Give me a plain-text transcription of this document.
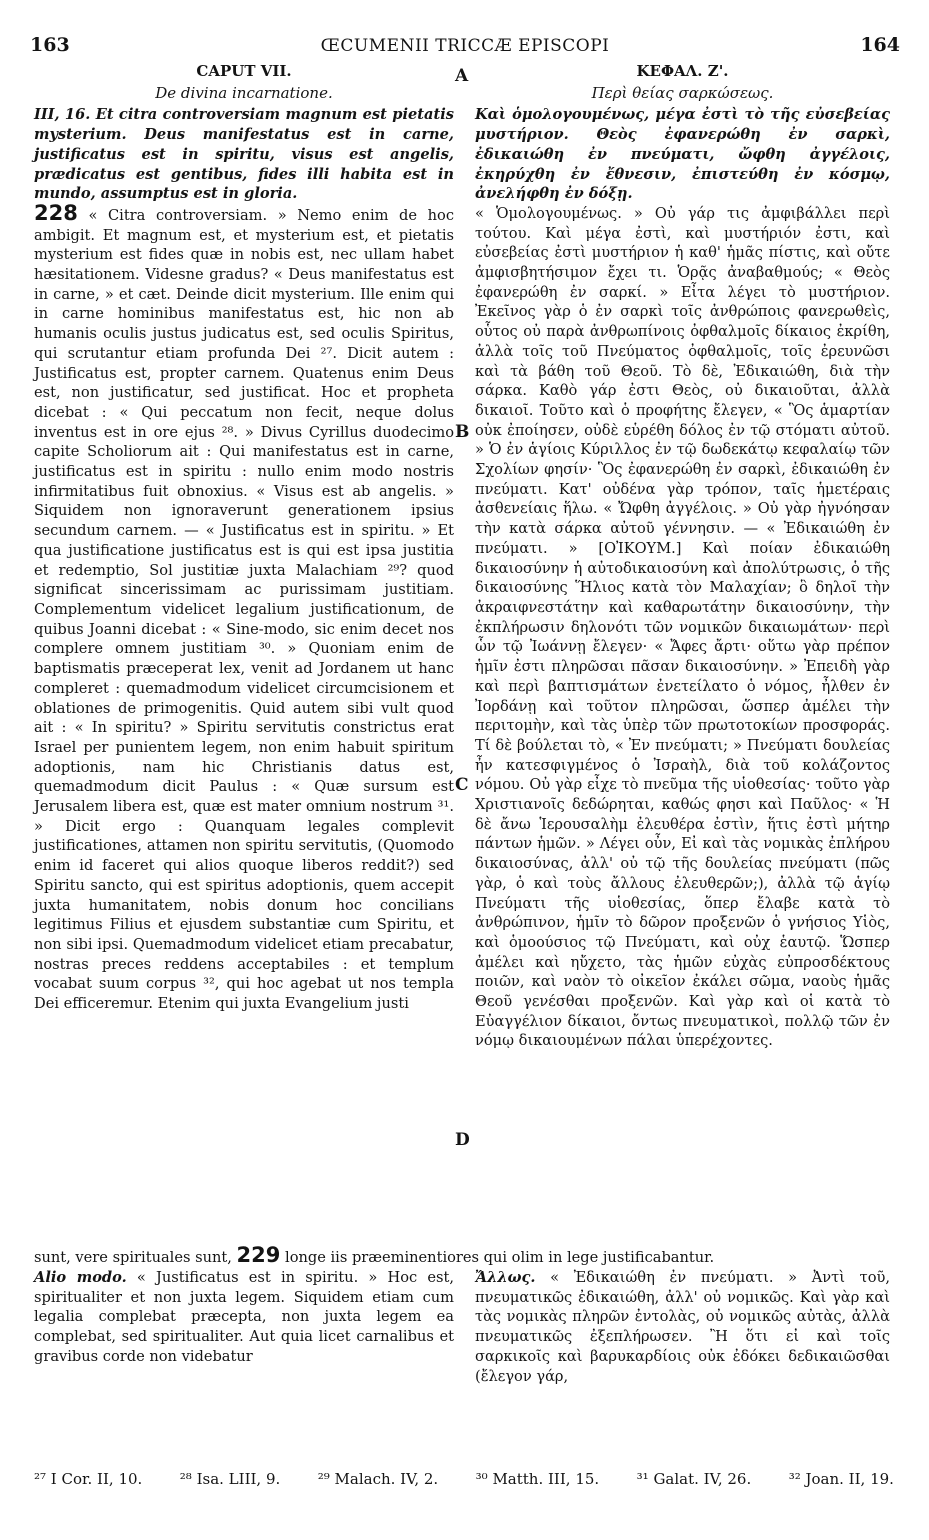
163	ŒCUMENII TRICCÆ EPISCOPI	164
A
B
C
D
CAPUT VII.
De divina incarnatione.

III, 16. Et citra controversiam magnum est pietatis mysterium. Deus manifestatus est in carne, justificatus est in spiritu, visus est angelis, prædicatus est gentibus, fides illi habita est in mundo, assumptus est in gloria.

228 « Citra controversiam. » Nemo enim de hoc ambigit. Et magnum est, et mysterium est, et pietatis mysterium est fides quæ in nobis est, nec ullam habet hæsitationem. Videsne gradus? « Deus manifestatus est in carne, » et cæt. Deinde dicit mysterium. Ille enim qui in carne hominibus manifestatus est, hic non ab humanis oculis justus judicatus est, sed oculis Spiritus, qui scrutantur etiam profunda Dei ²⁷. Dicit autem : Justificatus est, propter carnem. Quatenus enim Deus est, non justificatur, sed justificat. Hoc et propheta dicebat : « Qui peccatum non fecit, neque dolus inventus est in ore ejus ²⁸. » Divus Cyrillus duodecimo capite Scholiorum ait : Qui manifestatus est in carne, justificatus est in spiritu : nullo enim modo nostris infirmitatibus fuit obnoxius. « Visus est ab angelis. » Siquidem non ignoraverunt generationem ipsius secundum carnem. — « Justificatus est in spiritu. » Et qua justificatione justificatus est is qui est ipsa justitia et redemptio, Sol justitiæ juxta Malachiam ²⁹? quod significat sincerissimam ac purissimam justitiam. Complementum videlicet legalium justificationum, de quibus Joanni dicebat : « Sine-modo, sic enim decet nos complere omnem justitiam ³⁰. » Quoniam enim de baptismatis præceperat lex, venit ad Jordanem ut hanc compleret : quemadmodum videlicet circumcisionem et oblationes de primogenitis. Quid autem sibi vult quod ait : « In spiritu? » Spiritu servitutis constrictus erat Israel per punientem legem, non enim habuit spiritum adoptionis, nam hic Christianis datus est, quemadmodum dicit Paulus : « Quæ sursum est Jerusalem libera est, quæ est mater omnium nostrum ³¹. » Dicit ergo : Quanquam legales complevit justificationes, attamen non spiritu servitutis, (Quomodo enim id faceret qui alios quoque liberos reddit?) sed Spiritu sancto, qui est spiritus adoptionis, quem accepit juxta humanitatem, nobis donum hoc concilians legitimus Filius et ejusdem substantiæ cum Spiritu, et non sibi ipsi. Quemadmodum videlicet etiam precabatur, nostras preces reddens acceptabiles : et templum vocabat suum corpus ³², qui hoc agebat ut nos templa Dei efficeremur. Etenim qui juxta Evangelium justi

ΚΕΦΑΛ. Ζ'.
Περὶ θείας σαρκώσεως.

Καὶ ὁμολογουμένως, μέγα ἐστὶ τὸ τῆς εὐσεβείας μυστήριον. Θεὸς ἐφανερώθη ἐν σαρκὶ, ἐδικαιώθη ἐν πνεύματι, ὤφθη ἀγγέλοις, ἐκηρύχθη ἐν ἔθνεσιν, ἐπιστεύθη ἐν κόσμῳ, ἀνελήφθη ἐν δόξῃ.

« Ὁμολογουμένως. » Οὐ γάρ τις ἀμφιβάλλει περὶ τούτου. Καὶ μέγα ἐστὶ, καὶ μυστήριόν ἐστι, καὶ εὐσεβείας ἐστὶ μυστήριον ἡ καθ' ἡμᾶς πίστις, καὶ οὔτε ἀμφισβητήσιμον ἔχει τι. Ὁρᾷς ἀναβαθμούς; « Θεὸς ἐφανερώθη ἐν σαρκί. » Εἶτα λέγει τὸ μυστήριον. Ἐκεῖνος γὰρ ὁ ἐν σαρκὶ τοῖς ἀνθρώποις φανερωθεὶς, οὗτος οὐ παρὰ ἀνθρωπίνοις ὀφθαλμοῖς δίκαιος ἐκρίθη, ἀλλὰ τοῖς τοῦ Πνεύματος ὀφθαλμοῖς, τοῖς ἐρευνῶσι καὶ τὰ βάθη τοῦ Θεοῦ. Τὸ δὲ, Ἐδικαιώθη, διὰ τὴν σάρκα. Καθὸ γάρ ἐστι Θεὸς, οὐ δικαιοῦται, ἀλλὰ δικαιοῖ. Τοῦτο καὶ ὁ προφήτης ἔλεγεν, « Ὃς ἁμαρτίαν οὐκ ἐποίησεν, οὐδὲ εὑρέθη δόλος ἐν τῷ στόματι αὐτοῦ. » Ὁ ἐν ἁγίοις Κύριλλος ἐν τῷ δωδεκάτῳ κεφαλαίῳ τῶν Σχολίων φησίν· Ὃς ἐφανερώθη ἐν σαρκὶ, ἐδικαιώθη ἐν πνεύματι. Κατ' οὐδένα γὰρ τρόπον, ταῖς ἡμετέραις ἀσθενείαις ἥλω. « Ὤφθη ἀγγέλοις. » Οὐ γὰρ ἠγνόησαν τὴν κατὰ σάρκα αὐτοῦ γέννησιν. — « Ἐδικαιώθη ἐν πνεύματι. » [ΟἸΚΟΥΜ.] Καὶ ποίαν ἐδικαιώθη δικαιοσύνην ἡ αὐτοδικαιοσύνη καὶ ἀπολύτρωσις, ὁ τῆς δικαιοσύνης Ἥλιος κατὰ τὸν Μαλαχίαν; ὃ δηλοῖ τὴν ἀκραιφνεστάτην καὶ καθαρωτάτην δικαιοσύνην, τὴν ἐκπλήρωσιν δηλονότι τῶν νομικῶν δικαιωμάτων· περὶ ὧν τῷ Ἰωάννῃ ἔλεγεν· « Ἄφες ἄρτι· οὕτω γὰρ πρέπον ἡμῖν ἐστι πληρῶσαι πᾶσαν δικαιοσύνην. » Ἐπειδὴ γὰρ καὶ περὶ βαπτισμάτων ἐνετείλατο ὁ νόμος, ἦλθεν ἐν Ἰορδάνῃ καὶ τοῦτον πληρῶσαι, ὥσπερ ἀμέλει τὴν περιτομὴν, καὶ τὰς ὑπὲρ τῶν πρωτοτοκίων προσφοράς. Τί δὲ βούλεται τὸ, « Ἐν πνεύματι; » Πνεύματι δουλείας ἦν κατεσφιγμένος ὁ Ἰσραὴλ, διὰ τοῦ κολάζοντος νόμου. Οὐ γὰρ εἶχε τὸ πνεῦμα τῆς υἱοθεσίας· τοῦτο γὰρ Χριστιανοῖς δεδώρηται, καθώς φησι καὶ Παῦλος· « Ἡ δὲ ἄνω Ἱερουσαλὴμ ἐλευθέρα ἐστὶν, ἥτις ἐστὶ μήτηρ πάντων ἡμῶν. » Λέγει οὖν, Εἰ καὶ τὰς νομικὰς ἐπλήρου δικαιοσύνας, ἀλλ' οὐ τῷ τῆς δουλείας πνεύματι (πῶς γὰρ, ὁ καὶ τοὺς ἄλλους ἐλευθερῶν;), ἀλλὰ τῷ ἁγίῳ Πνεύματι τῆς υἱοθεσίας, ὅπερ ἔλαβε κατὰ τὸ ἀνθρώπινον, ἡμῖν τὸ δῶρον προξενῶν ὁ γνήσιος Υἱὸς, καὶ ὁμοούσιος τῷ Πνεύματι, καὶ οὐχ ἑαυτῷ. Ὥσπερ ἀμέλει καὶ ηὔχετο, τὰς ἡμῶν εὐχὰς εὐπροσδέκτους ποιῶν, καὶ ναὸν τὸ οἰκεῖον ἐκάλει σῶμα, ναοὺς ἡμᾶς Θεοῦ γενέσθαι προξενῶν. Καὶ γὰρ καὶ οἱ κατὰ τὸ Εὐαγγέλιον δίκαιοι, ὄντως πνευματικοὶ, πολλῷ τῶν ἐν νόμῳ δικαιουμένων πάλαι ὑπερέχοντες.

sunt, vere spirituales sunt, 229 longe iis præeminentiores qui olim in lege justificabantur.
Alio modo. « Justificatus est in spiritu. » Hoc est, spiritualiter et non juxta legem. Siquidem etiam cum legalia complebat præcepta, non juxta legem ea complebat, sed spiritualiter. Aut quia licet carnalibus et gravibus corde non videbatur
Ἄλλως. « Ἐδικαιώθη ἐν πνεύματι. » Ἀντὶ τοῦ, πνευματικῶς ἐδικαιώθη, ἀλλ' οὐ νομικῶς. Καὶ γὰρ καὶ τὰς νομικὰς πληρῶν ἐντολὰς, οὐ νομικῶς αὐτὰς, ἀλλὰ πνευματικῶς ἐξεπλήρωσεν. Ἢ ὅτι εἰ καὶ τοῖς σαρκικοῖς καὶ βαρυκαρδίοις οὐκ ἐδόκει δεδικαιῶσθαι (ἔλεγον γάρ,
²⁷ I Cor. II, 10. ²⁸ Isa. LIII, 9. ²⁹ Malach. IV, 2. ³⁰ Matth. III, 15. ³¹ Galat. IV, 26. ³² Joan. II, 19.
